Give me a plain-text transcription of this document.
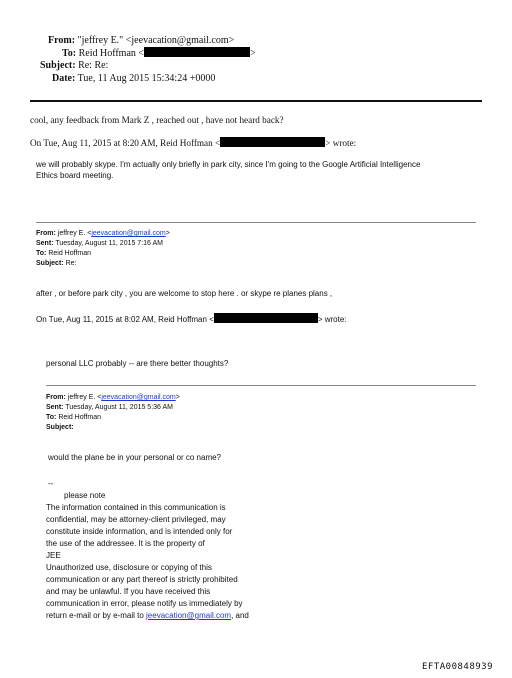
From: "jeffrey E." <jeevacation@gmail.com>
To: Reid Hoffman <	>
Subject: Re: Re:
Date: Tue, 11 Aug 2015 15:34:24 +0000
cool, any feedback from Mark Z , reached out , have not heard back?
On Tue, Aug 11, 2015 at 8:20 AM, Reid Hoffman <	> wrote:
we will probably skype. I'm actually only briefly in park city, since I'm going to the Google Artificial Intelligence Ethics board meeting.
From: jeffrey E. <jeevacation@gmail.com>
Sent: Tuesday, August 11, 2015 7:16 AM
To: Reid Hoffman
Subject: Re:
after , or before park city , you are welcome to stop here . or skype re planes plans ,
On Tue, Aug 11, 2015 at 8:02 AM, Reid Hoffman <	> wrote:
personal LLC probably -- are there better thoughts?
From: jeffrey E. <jeevacation@gmail.com>
Sent: Tuesday, August 11, 2015 5:36 AM
To: Reid Hoffman
Subject:
would the plane be in your personal or co name?
--
please note
The information contained in this communication is
confidential, may be attorney-client privileged, may
constitute inside information, and is intended only for
the use of the addressee. It is the property of
JEE
Unauthorized use, disclosure or copying of this
communication or any part thereof is strictly prohibited
and may be unlawful. If you have received this
communication in error, please notify us immediately by
return e-mail or by e-mail to jeevacation@gmail.com, and
EFTA00848939
